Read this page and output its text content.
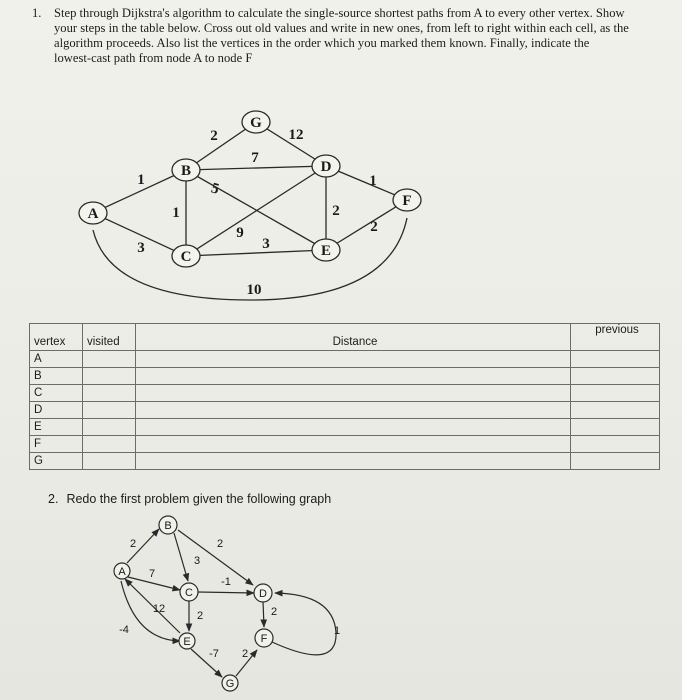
1. Step through Dijkstra's algorithm to calculate the single-source shortest paths from A to every other vertex. Show your steps in the table below. Cross out old values and write in new ones, from left to right within each cell, as the algorithm proceeds. Also list the vertices in the order which you marked them known. Finally, indicate the lowest-cast path from node A to node F
A
B
C
G
D
E
F
1
3
1
2
5
9
12
7
3
2
1
2
10
vertex	visited	Distance	previous
A			
B			
C			
D			
E			
F			
G			
2. Redo the first problem given the following graph
A
B
C	D
E	F
G
2
3
2
7
-1
2
12
-4
-7 2
2
1
